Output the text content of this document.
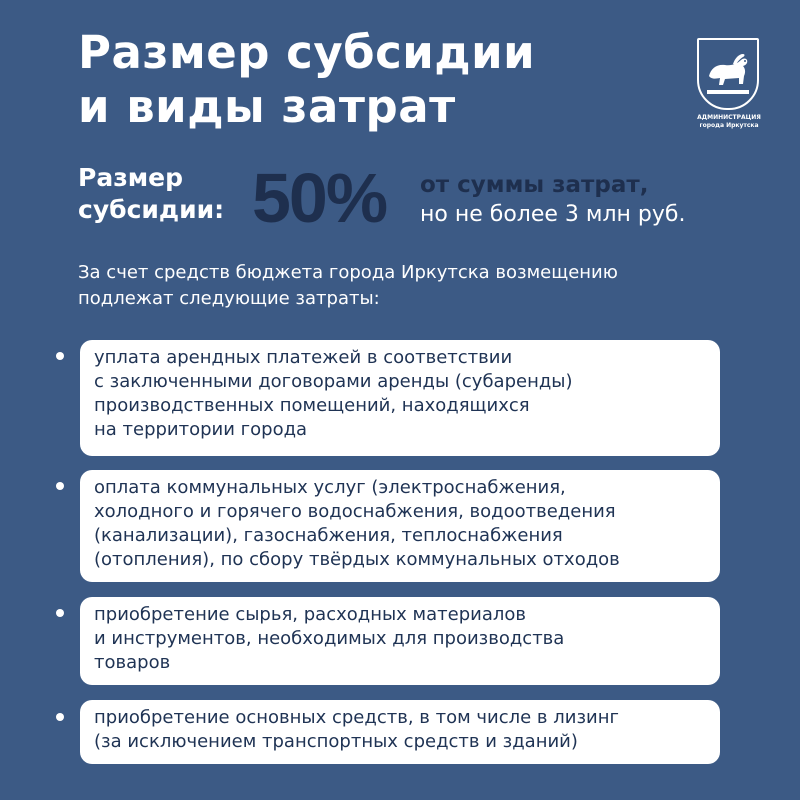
Размер субсидии
и виды затрат	АДМИНИСТРАЦИЯ
города Иркутска
Размер
субсидии: 50% от суммы затрат,
но не более 3 млн руб.

За счет средств бюджета города Иркутска возмещению
подлежат следующие затраты:

уплата арендных платежей в соответствии
с заключенными договорами аренды (субаренды)
производственных помещений, находящихся
на территории города
оплата коммунальных услуг (электроснабжения,
холодного и горячего водоснабжения, водоотведения
(канализации), газоснабжения, теплоснабжения
(отопления), по сбору твёрдых коммунальных отходов
приобретение сырья, расходных материалов
и инструментов, необходимых для производства
товаров
приобретение основных средств, в том числе в лизинг
(за исключением транспортных средств и зданий)
